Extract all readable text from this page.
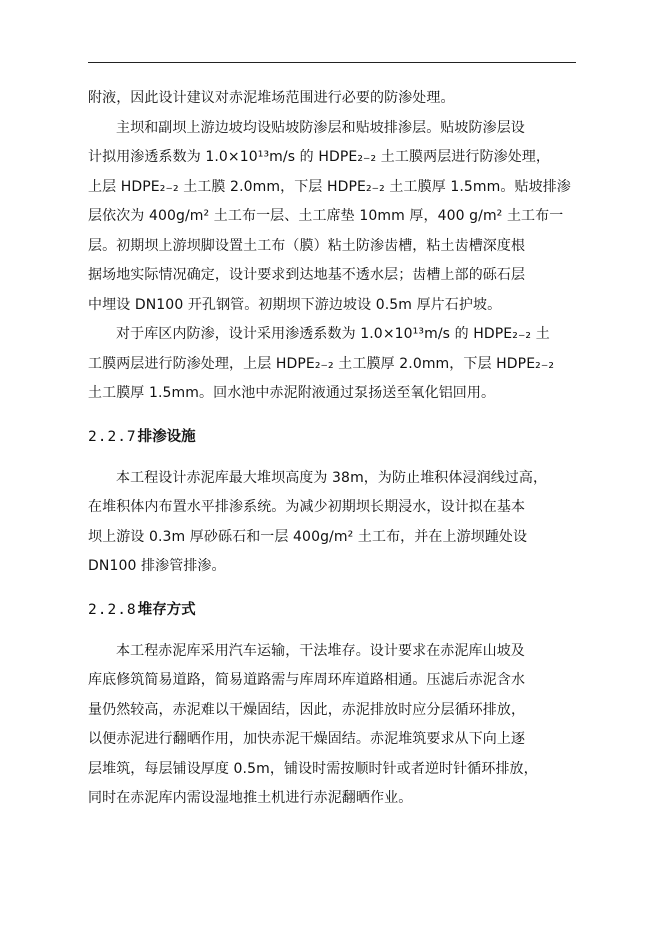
附液，因此设计建议对赤泥堆场范围进行必要的防渗处理。

主坝和副坝上游边坡均设贴坡防渗层和贴坡排渗层。贴坡防渗层设
计拟用渗透系数为 1.0×10¹³m/s 的 HDPE₂₋₂ 土工膜两层进行防渗处理，
上层 HDPE₂₋₂ 土工膜 2.0mm，下层 HDPE₂₋₂ 土工膜厚 1.5mm。贴坡排渗
层依次为 400g/m² 土工布一层、土工席垫 10mm 厚，400 g/m² 土工布一
层。初期坝上游坝脚设置土工布（膜）粘土防渗齿槽，粘土齿槽深度根
据场地实际情况确定，设计要求到达地基不透水层；齿槽上部的砾石层
中埋设 DN100 开孔钢管。初期坝下游边坡设 0.5m 厚片石护坡。

对于库区内防渗，设计采用渗透系数为 1.0×10¹³m/s 的 HDPE₂₋₂ 土
工膜两层进行防渗处理，上层 HDPE₂₋₂ 土工膜厚 2.0mm，下层 HDPE₂₋₂
土工膜厚 1.5mm。回水池中赤泥附液通过泵扬送至氧化铝回用。

2.2.7排渗设施

本工程设计赤泥库最大堆坝高度为 38m，为防止堆积体浸润线过高，
在堆积体内布置水平排渗系统。为减少初期坝长期浸水，设计拟在基本
坝上游设 0.3m 厚砂砾石和一层 400g/m² 土工布，并在上游坝踵处设
DN100 排渗管排渗。

2.2.8堆存方式

本工程赤泥库采用汽车运输，干法堆存。设计要求在赤泥库山坡及
库底修筑简易道路，简易道路需与库周环库道路相通。压滤后赤泥含水
量仍然较高，赤泥难以干燥固结，因此，赤泥排放时应分层循环排放，
以便赤泥进行翻晒作用，加快赤泥干燥固结。赤泥堆筑要求从下向上逐
层堆筑，每层铺设厚度 0.5m，铺设时需按顺时针或者逆时针循环排放，
同时在赤泥库内需设湿地推土机进行赤泥翻晒作业。
